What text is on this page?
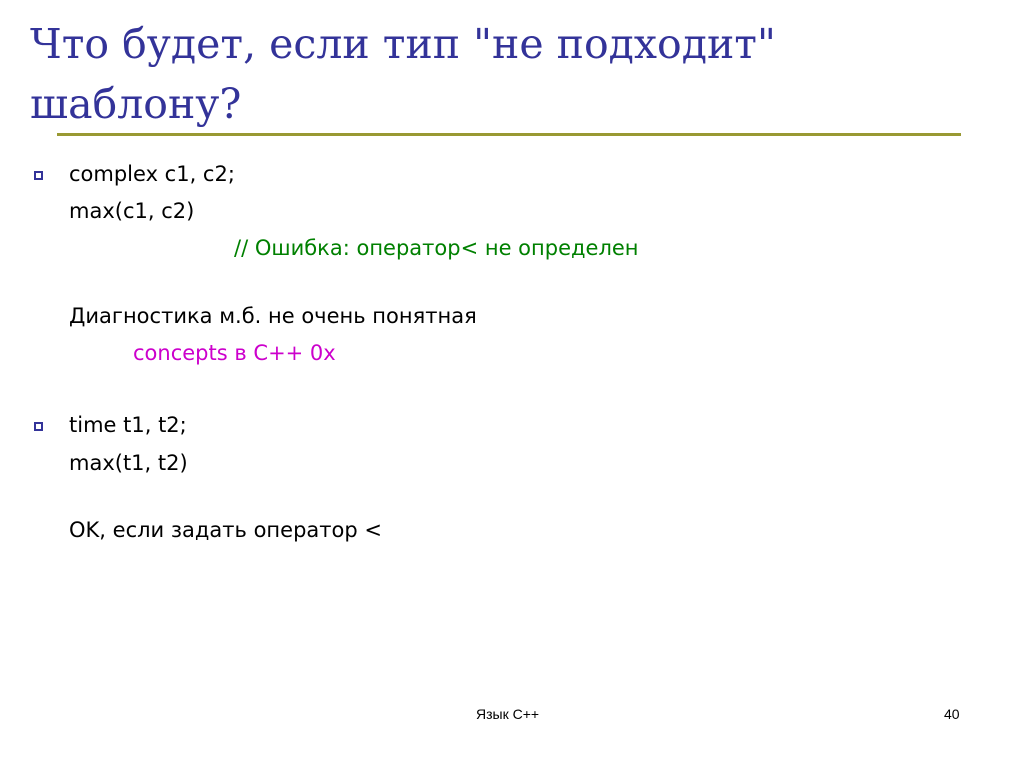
Что будет, если тип "не подходит" шаблону?
complex c1, c2;
max(c1, c2)
// Ошибка: оператор< не определен
Диагностика м.б. не очень понятная
concepts в C++ 0x
time t1, t2;
max(t1, t2)
OK, если задать оператор <
Язык C++	40
